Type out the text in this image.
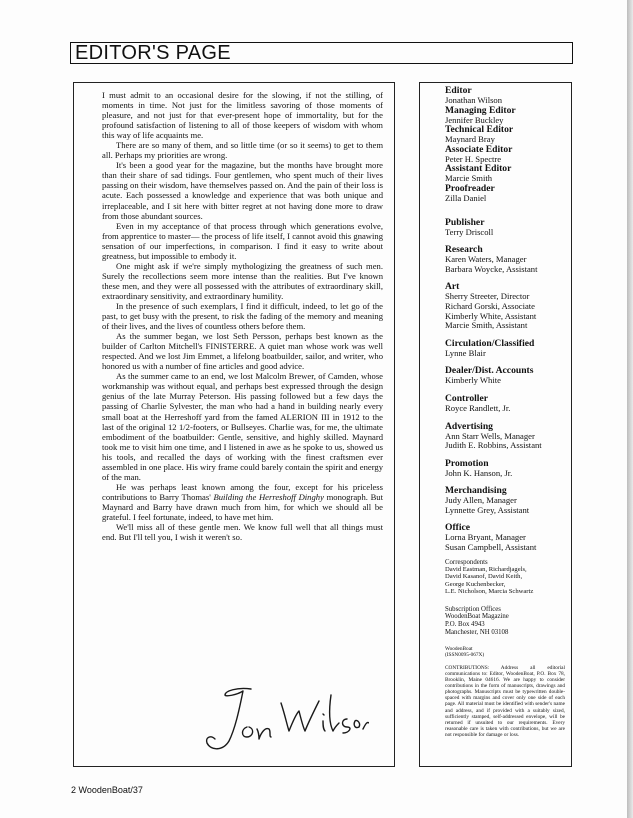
EDITOR'S PAGE

I must admit to an occasional desire for the slowing, if not the stilling, of moments in time. Not just for the limitless savoring of those moments of pleasure, and not just for that ever-present hope of immortality, but for the profound satisfaction of listening to all of those keepers of wisdom with whom this way of life acquaints me.

There are so many of them, and so little time (or so it seems) to get to them all. Perhaps my priorities are wrong.

It's been a good year for the magazine, but the months have brought more than their share of sad tidings. Four gentlemen, who spent much of their lives passing on their wisdom, have themselves passed on. And the pain of their loss is acute. Each possessed a knowledge and experience that was both unique and irreplaceable, and I sit here with bitter regret at not having done more to draw from those abundant sources.

Even in my acceptance of that process through which generations evolve, from apprentice to master— the process of life itself, I cannot avoid this gnawing sensation of our imperfections, in comparison. I find it easy to write about greatness, but impossible to embody it.

One might ask if we're simply mythologizing the greatness of such men. Surely the recollections seem more intense than the realities. But I've known these men, and they were all possessed with the attributes of extraordinary skill, extraordinary sensitivity, and extraordinary humility.

In the presence of such exemplars, I find it difficult, indeed, to let go of the past, to get busy with the present, to risk the fading of the memory and meaning of their lives, and the lives of countless others before them.

As the summer began, we lost Seth Persson, perhaps best known as the builder of Carlton Mitchell's FINISTERRE. A quiet man whose work was well respected. And we lost Jim Emmet, a lifelong boatbuilder, sailor, and writer, who honored us with a number of fine articles and good advice.

As the summer came to an end, we lost Malcolm Brewer, of Camden, whose workmanship was without equal, and perhaps best expressed through the design genius of the late Murray Peterson. His passing followed but a few days the passing of Charlie Sylvester, the man who had a hand in building nearly every small boat at the Herreshoff yard from the famed ALERION III in 1912 to the last of the original 12 1/2-footers, or Bullseyes. Charlie was, for me, the ultimate embodiment of the boatbuilder: Gentle, sensitive, and highly skilled. Maynard took me to visit him one time, and I listened in awe as he spoke to us, showed us his tools, and recalled the days of working with the finest craftsmen ever assembled in one place. His wiry frame could barely contain the spirit and energy of the man.

He was perhaps least known among the four, except for his priceless contributions to Barry Thomas' Building the Herreshoff Dinghy monograph. But Maynard and Barry have drawn much from him, for which we should all be grateful. I feel fortunate, indeed, to have met him.

We'll miss all of these gentle men. We know full well that all things must end. But I'll tell you, I wish it weren't so.

Editor
Jonathan Wilson
Managing Editor
Jennifer Buckley
Technical Editor
Maynard Bray
Associate Editor
Peter H. Spectre
Assistant Editor
Marcie Smith
Proofreader
Zilla Daniel
Publisher
Terry Driscoll
Research
Karen Waters, Manager
Barbara Woycke, Assistant
Art
Sherry Streeter, Director
Richard Gorski, Associate
Kimberly White, Assistant
Marcie Smith, Assistant
Circulation/Classified
Lynne Blair
Dealer/Dist. Accounts
Kimberly White
Controller
Royce Randlett, Jr.
Advertising
Ann Starr Wells, Manager
Judith E. Robbins, Assistant
Promotion
John K. Hanson, Jr.
Merchandising
Judy Allen, Manager
Lynnette Grey, Assistant
Office
Lorna Bryant, Manager
Susan Campbell, Assistant
Correspondents
David Eastman, Richardjagels,
David Kasanof, David Keith,
George Kuchenbecker,
L.E. Nicholson, Marcia Schwartz
Subscription Offices
WoodenBoat Magazine
P.O. Box 4943
Manchester, NH 03108
WoodenBoat
(ISSN0095-067X)
CONTRIBUTIONS: Address all editorial communications to: Editor, WoodenBoat, P.O. Box 78, Brooklin, Maine 04616. We are happy to consider contributions in the form of manuscripts, drawings and photographs. Manuscripts must be typewritten double-spaced with margins and cover only one side of each page. All material must be identified with sender's name and address, and if provided with a suitably sized, sufficiently stamped, self-addressed envelope, will be returned if unsuited to our requirements. Every reasonable care is taken with contributions, but we are not responsible for damage or loss.
2 WoodenBoat/37
